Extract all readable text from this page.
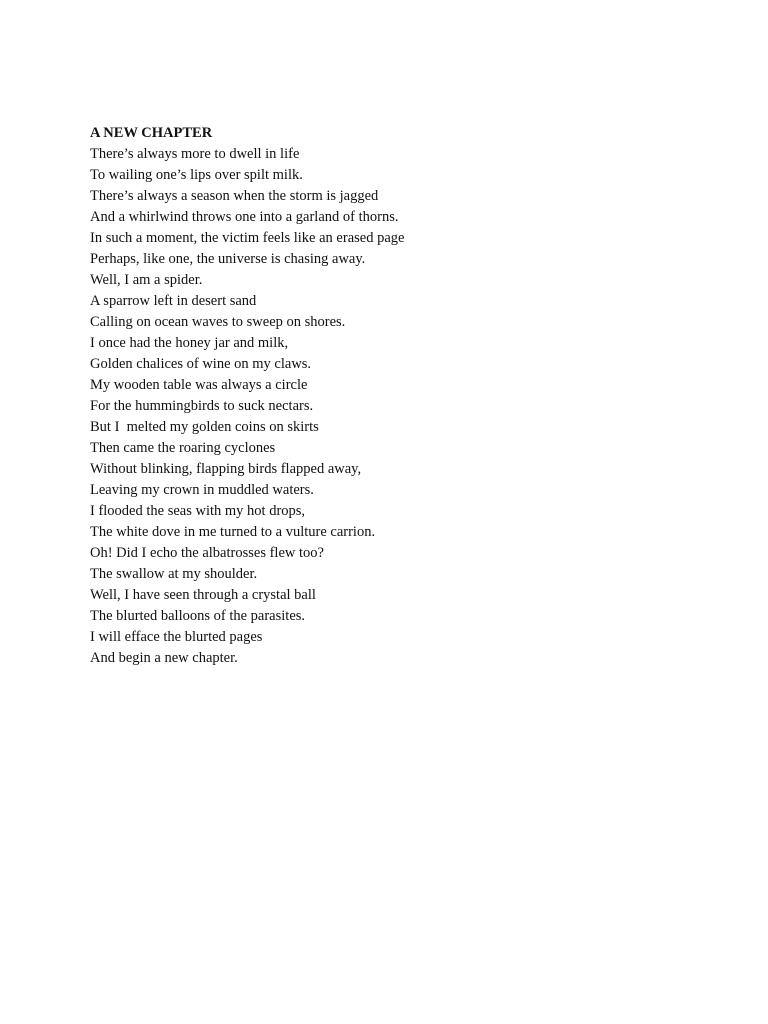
A NEW CHAPTER
There’s always more to dwell in life
To wailing one’s lips over spilt milk.
There’s always a season when the storm is jagged
And a whirlwind throws one into a garland of thorns.
In such a moment, the victim feels like an erased page
Perhaps, like one, the universe is chasing away.
Well, I am a spider.
A sparrow left in desert sand
Calling on ocean waves to sweep on shores.
I once had the honey jar and milk,
Golden chalices of wine on my claws.
My wooden table was always a circle
For the hummingbirds to suck nectars.
But I  melted my golden coins on skirts
Then came the roaring cyclones
Without blinking, flapping birds flapped away,
Leaving my crown in muddled waters.
I flooded the seas with my hot drops,
The white dove in me turned to a vulture carrion.
Oh! Did I echo the albatrosses flew too?
The swallow at my shoulder.
Well, I have seen through a crystal ball
The blurted balloons of the parasites.
I will efface the blurted pages
And begin a new chapter.
